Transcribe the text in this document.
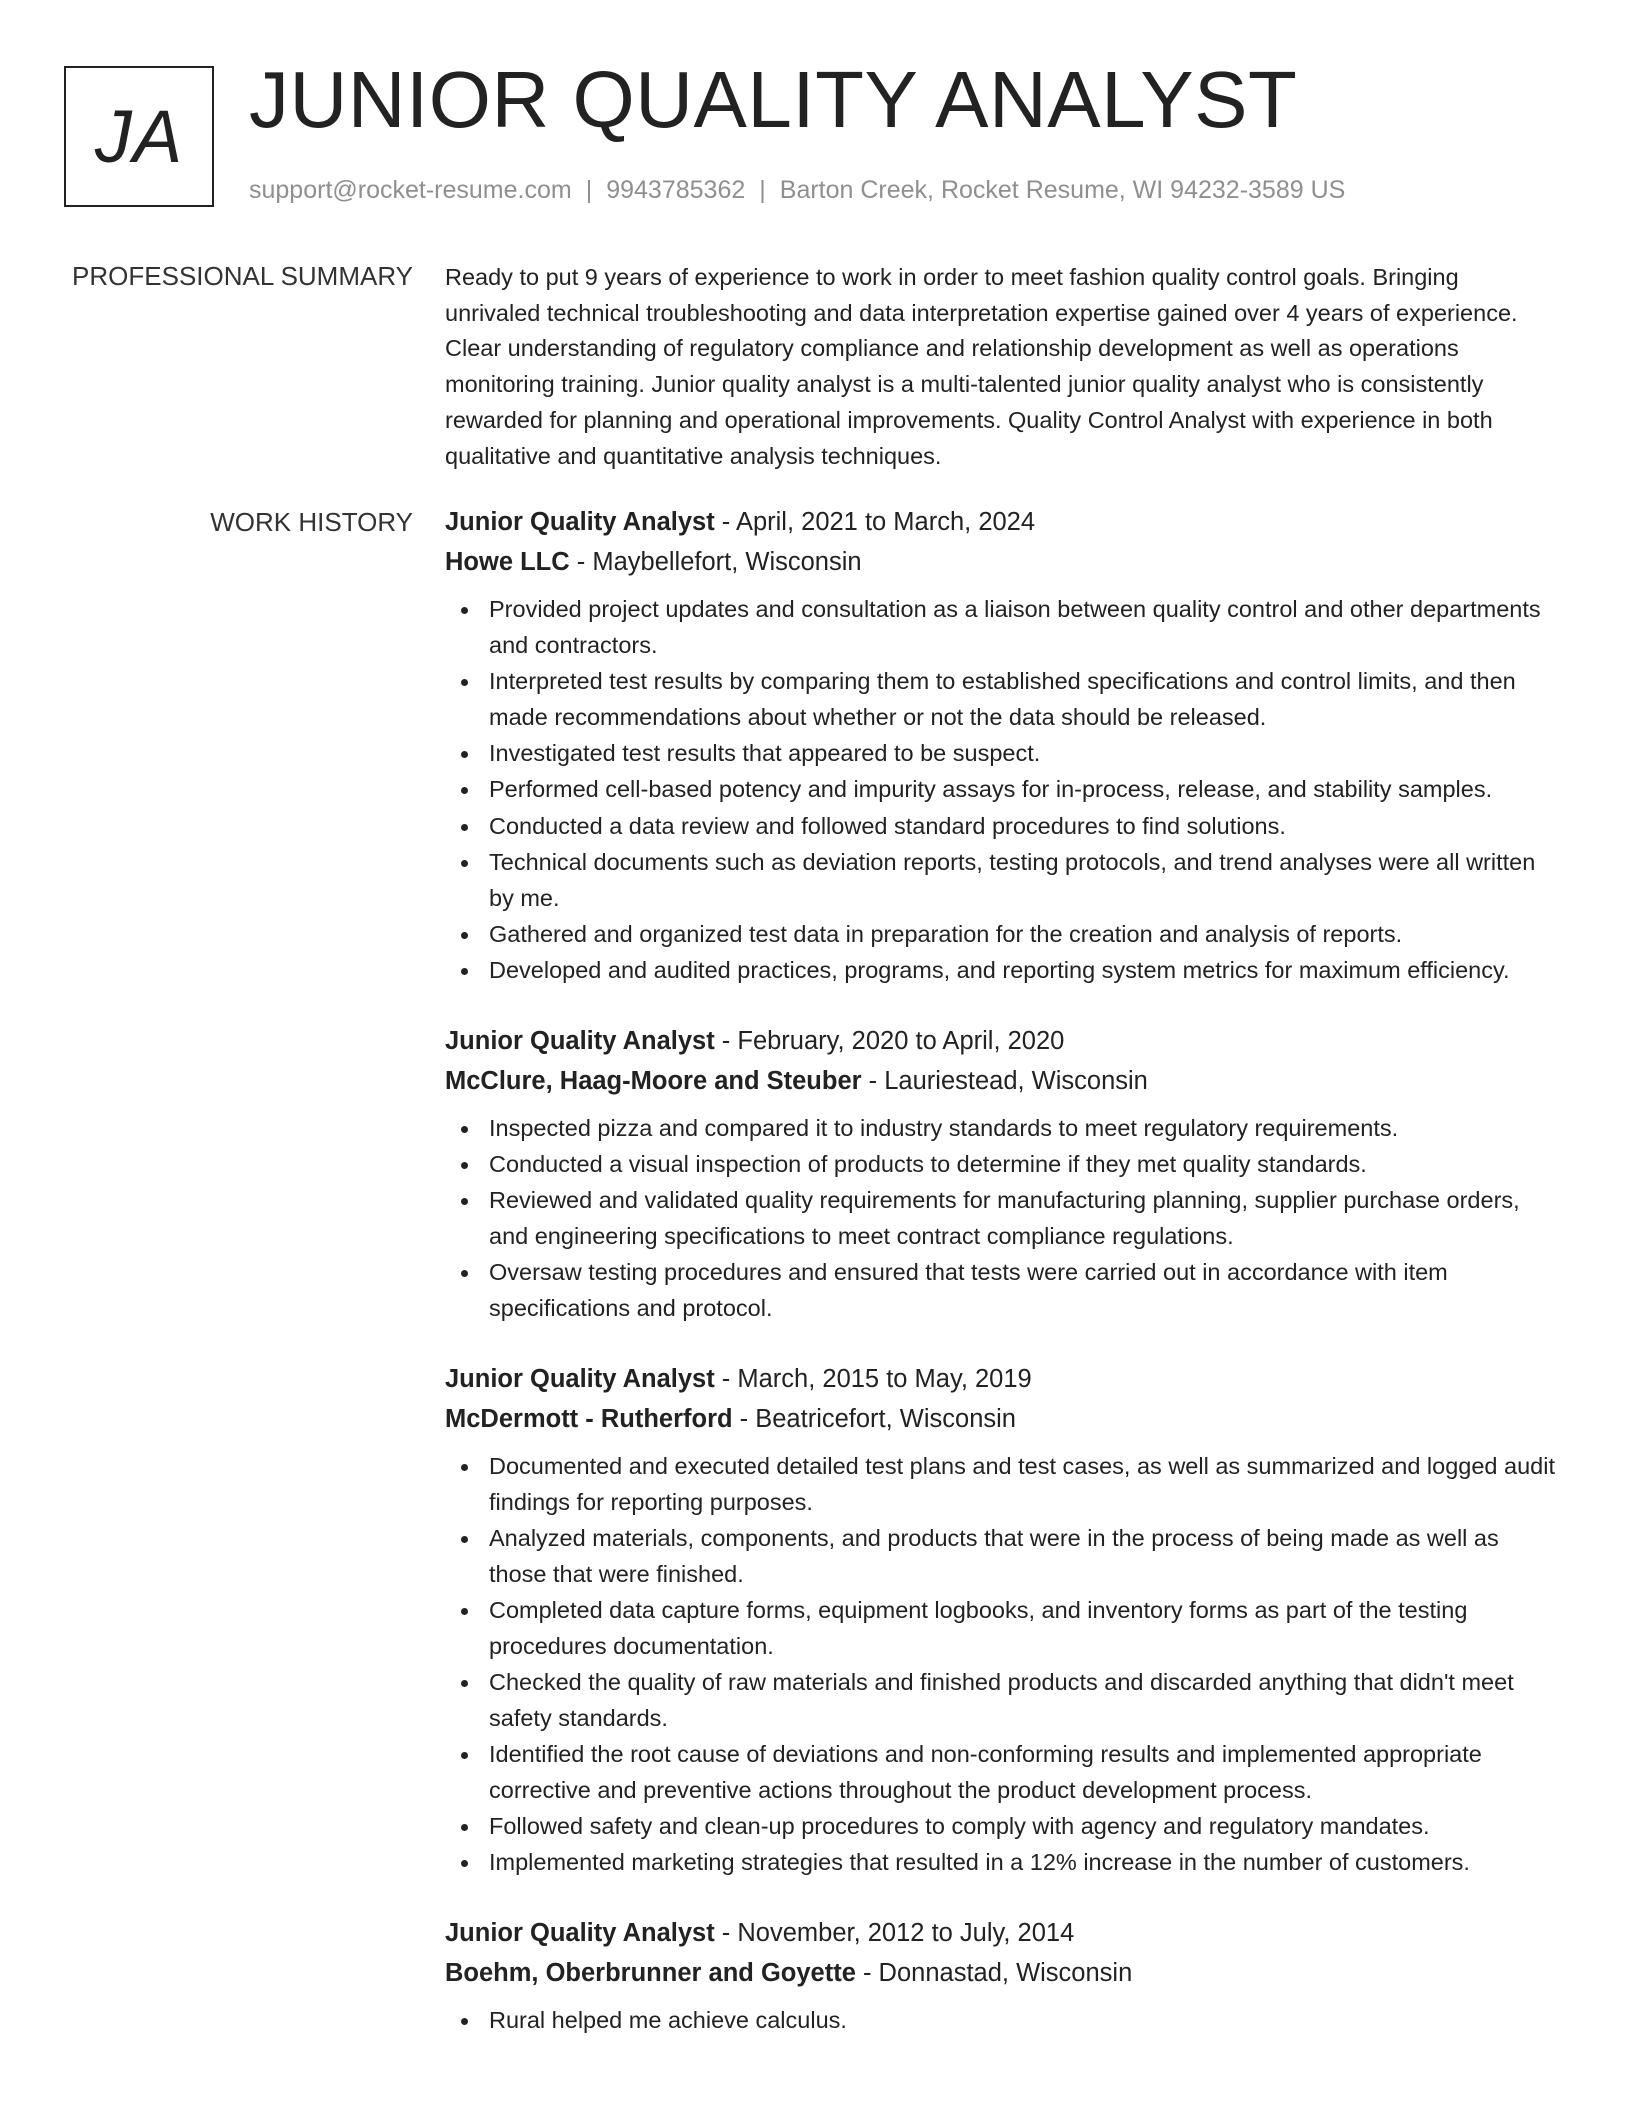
JA JUNIOR QUALITY ANALYST
support@rocket-resume.com | 9943785362 | Barton Creek, Rocket Resume, WI 94232-3589 US
PROFESSIONAL SUMMARY Ready to put 9 years of experience to work in order to meet fashion quality control goals. Bringing unrivaled technical troubleshooting and data interpretation expertise gained over 4 years of experience. Clear understanding of regulatory compliance and relationship development as well as operations monitoring training. Junior quality analyst is a multi-talented junior quality analyst who is consistently rewarded for planning and operational improvements. Quality Control Analyst with experience in both qualitative and quantitative analysis techniques.

WORK HISTORY Junior Quality Analyst - April, 2021 to March, 2024
Howe LLC - Maybellefort, Wisconsin
Provided project updates and consultation as a liaison between quality control and other departments and contractors.
Interpreted test results by comparing them to established specifications and control limits, and then made recommendations about whether or not the data should be released.
Investigated test results that appeared to be suspect.
Performed cell-based potency and impurity assays for in-process, release, and stability samples.
Conducted a data review and followed standard procedures to find solutions.
Technical documents such as deviation reports, testing protocols, and trend analyses were all written by me.
Gathered and organized test data in preparation for the creation and analysis of reports.
Developed and audited practices, programs, and reporting system metrics for maximum efficiency.
Junior Quality Analyst - February, 2020 to April, 2020
McClure, Haag-Moore and Steuber - Lauriestead, Wisconsin
Inspected pizza and compared it to industry standards to meet regulatory requirements.
Conducted a visual inspection of products to determine if they met quality standards.
Reviewed and validated quality requirements for manufacturing planning, supplier purchase orders, and engineering specifications to meet contract compliance regulations.
Oversaw testing procedures and ensured that tests were carried out in accordance with item specifications and protocol.
Junior Quality Analyst - March, 2015 to May, 2019
McDermott - Rutherford - Beatricefort, Wisconsin
Documented and executed detailed test plans and test cases, as well as summarized and logged audit findings for reporting purposes.
Analyzed materials, components, and products that were in the process of being made as well as those that were finished.
Completed data capture forms, equipment logbooks, and inventory forms as part of the testing procedures documentation.
Checked the quality of raw materials and finished products and discarded anything that didn't meet safety standards.
Identified the root cause of deviations and non-conforming results and implemented appropriate corrective and preventive actions throughout the product development process.
Followed safety and clean-up procedures to comply with agency and regulatory mandates.
Implemented marketing strategies that resulted in a 12% increase in the number of customers.
Junior Quality Analyst - November, 2012 to July, 2014
Boehm, Oberbrunner and Goyette - Donnastad, Wisconsin
Rural helped me achieve calculus.
